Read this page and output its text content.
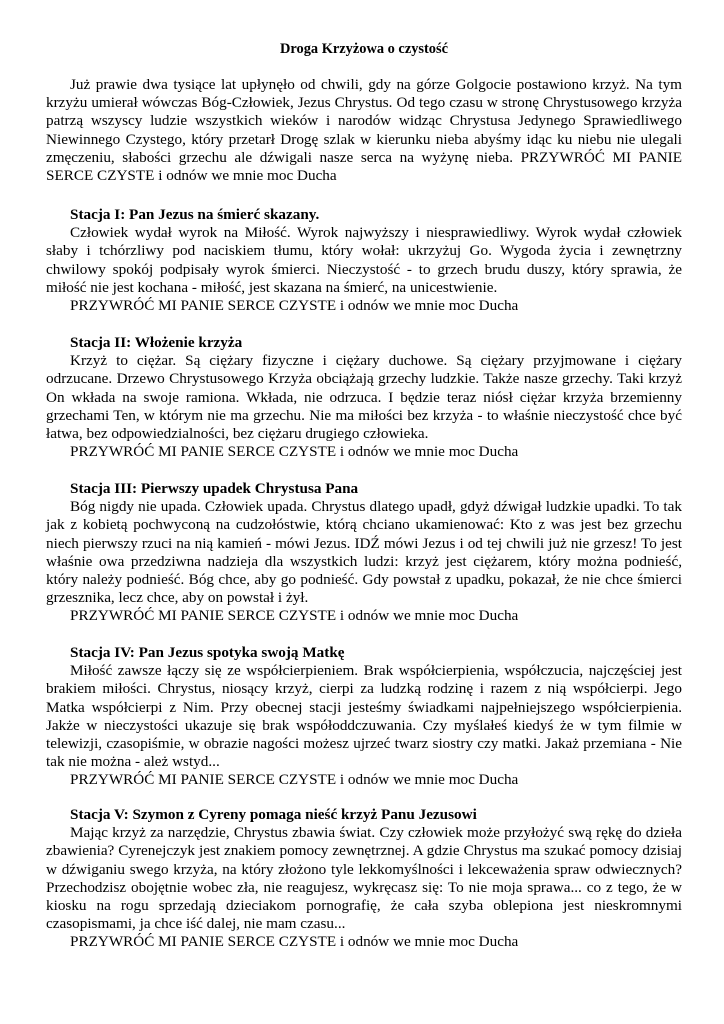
Droga Krzyżowa o czystość

Już prawie dwa tysiące lat upłynęło od chwili, gdy na górze Golgocie postawiono krzyż. Na tym krzyżu umierał wówczas Bóg-Człowiek, Jezus Chrystus. Od tego czasu w stronę Chrystusowego krzyża patrzą wszyscy ludzie wszystkich wieków i narodów widząc Chrystusa Jedynego Sprawiedliwego Niewinnego Czystego, który przetarł Drogę szlak w kierunku nieba abyśmy idąc ku niebu nie ulegali zmęczeniu, słabości grzechu ale dźwigali nasze serca na wyżynę nieba. PRZYWRÓĆ MI PANIE SERCE CZYSTE i odnów we mnie moc Ducha

Stacja I: Pan Jezus na śmierć skazany.

Człowiek wydał wyrok na Miłość. Wyrok najwyższy i niesprawiedliwy. Wyrok wydał człowiek słaby i tchórzliwy pod naciskiem tłumu, który wołał: ukrzyżuj Go. Wygoda życia i zewnętrzny chwilowy spokój podpisały wyrok śmierci. Nieczystość - to grzech brudu duszy, który sprawia, że miłość nie jest kochana - miłość, jest skazana na śmierć, na unicestwienie.

PRZYWRÓĆ MI PANIE SERCE CZYSTE i odnów we mnie moc Ducha

Stacja II: Włożenie krzyża

Krzyż to ciężar. Są ciężary fizyczne i ciężary duchowe. Są ciężary przyjmowane i ciężary odrzucane. Drzewo Chrystusowego Krzyża obciążają grzechy ludzkie. Także nasze grzechy. Taki krzyż On wkłada na swoje ramiona. Wkłada, nie odrzuca. I będzie teraz niósł ciężar krzyża brzemienny grzechami Ten, w którym nie ma grzechu. Nie ma miłości bez krzyża - to właśnie nieczystość chce być łatwa, bez odpowiedzialności, bez ciężaru drugiego człowieka.

PRZYWRÓĆ MI PANIE SERCE CZYSTE i odnów we mnie moc Ducha

Stacja III: Pierwszy upadek Chrystusa Pana

Bóg nigdy nie upada. Człowiek upada. Chrystus dlatego upadł, gdyż dźwigał ludzkie upadki. To tak jak z kobietą pochwyconą na cudzołóstwie, którą chciano ukamienować: Kto z was jest bez grzechu niech pierwszy rzuci na nią kamień - mówi Jezus. IDŹ mówi Jezus i od tej chwili już nie grzesz! To jest właśnie owa przedziwna nadzieja dla wszystkich ludzi: krzyż jest ciężarem, który można podnieść, który należy podnieść. Bóg chce, aby go podnieść. Gdy powstał z upadku, pokazał, że nie chce śmierci grzesznika, lecz chce, aby on powstał i żył.

PRZYWRÓĆ MI PANIE SERCE CZYSTE i odnów we mnie moc Ducha

Stacja IV: Pan Jezus spotyka swoją Matkę

Miłość zawsze łączy się ze współcierpieniem. Brak współcierpienia, współczucia, najczęściej jest brakiem miłości. Chrystus, niosący krzyż, cierpi za ludzką rodzinę i razem z nią współcierpi. Jego Matka współcierpi z Nim. Przy obecnej stacji jesteśmy świadkami najpełniejszego współcierpienia. Jakże w nieczystości ukazuje się brak współoddczuwania. Czy myślałeś kiedyś że w tym filmie w telewizji, czasopiśmie, w obrazie nagości możesz ujrzeć twarz siostry czy matki. Jakaż przemiana - Nie tak nie można - ależ wstyd...

PRZYWRÓĆ MI PANIE SERCE CZYSTE i odnów we mnie moc Ducha

Stacja V: Szymon z Cyreny pomaga nieść krzyż Panu Jezusowi

Mając krzyż za narzędzie, Chrystus zbawia świat. Czy człowiek może przyłożyć swą rękę do dzieła zbawienia? Cyrenejczyk jest znakiem pomocy zewnętrznej. A gdzie Chrystus ma szukać pomocy dzisiaj w dźwiganiu swego krzyża, na który złożono tyle lekkomyślności i lekceważenia spraw odwiecznych? Przechodzisz obojętnie wobec zła, nie reagujesz, wykręcasz się: To nie moja sprawa... co z tego, że w kiosku na rogu sprzedają dzieciakom pornografię, że cała szyba oblepiona jest nieskromnymi czasopismami, ja chce iść dalej, nie mam czasu...

PRZYWRÓĆ MI PANIE SERCE CZYSTE i odnów we mnie moc Ducha
